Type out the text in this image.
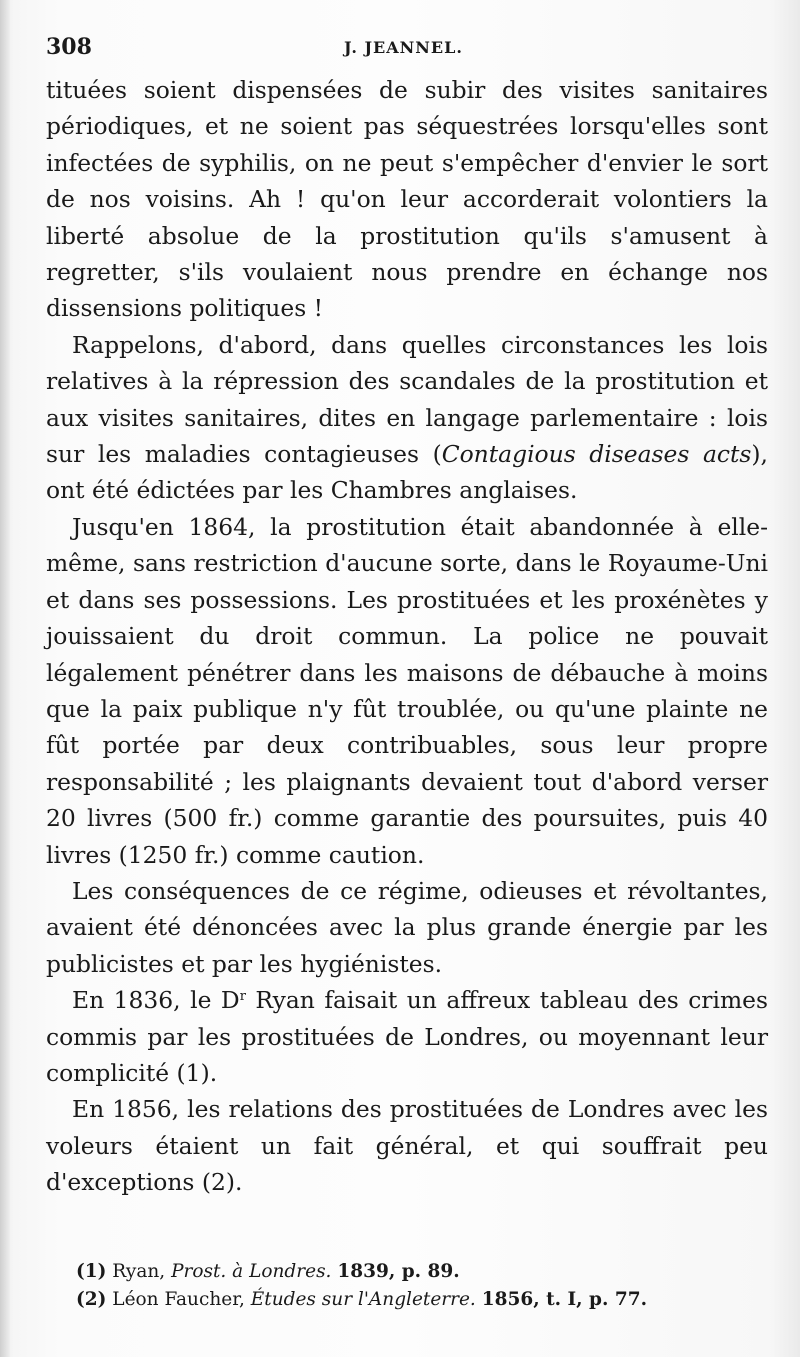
308	J. JEANNEL.

tituées soient dispensées de subir des visites sanitaires périodiques, et ne soient pas séquestrées lorsqu'elles sont infectées de syphilis, on ne peut s'empêcher d'envier le sort de nos voisins. Ah ! qu'on leur accorderait volontiers la liberté absolue de la prostitution qu'ils s'amusent à regretter, s'ils voulaient nous prendre en échange nos dissensions politiques !

Rappelons, d'abord, dans quelles circonstances les lois relatives à la répression des scandales de la prostitution et aux visites sanitaires, dites en langage parlementaire : lois sur les maladies contagieuses (Contagious diseases acts), ont été édictées par les Chambres anglaises.

Jusqu'en 1864, la prostitution était abandonnée à elle-même, sans restriction d'aucune sorte, dans le Royaume-Uni et dans ses possessions. Les prostituées et les proxénètes y jouissaient du droit commun. La police ne pouvait légalement pénétrer dans les maisons de débauche à moins que la paix publique n'y fût troublée, ou qu'une plainte ne fût portée par deux contribuables, sous leur propre responsabilité ; les plaignants devaient tout d'abord verser 20 livres (500 fr.) comme garantie des poursuites, puis 40 livres (1250 fr.) comme caution.

Les conséquences de ce régime, odieuses et révoltantes, avaient été dénoncées avec la plus grande énergie par les publicistes et par les hygiénistes.

En 1836, le $D^r$ Ryan faisait un affreux tableau des crimes commis par les prostituées de Londres, ou moyennant leur complicité (1).

En 1856, les relations des prostituées de Londres avec les voleurs étaient un fait général, et qui souffrait peu d'exceptions (2).

(1) Ryan, Prost. à Londres. 1839, p. 89.

(2) Léon Faucher, Études sur l'Angleterre. 1856, t. I, p. 77.
